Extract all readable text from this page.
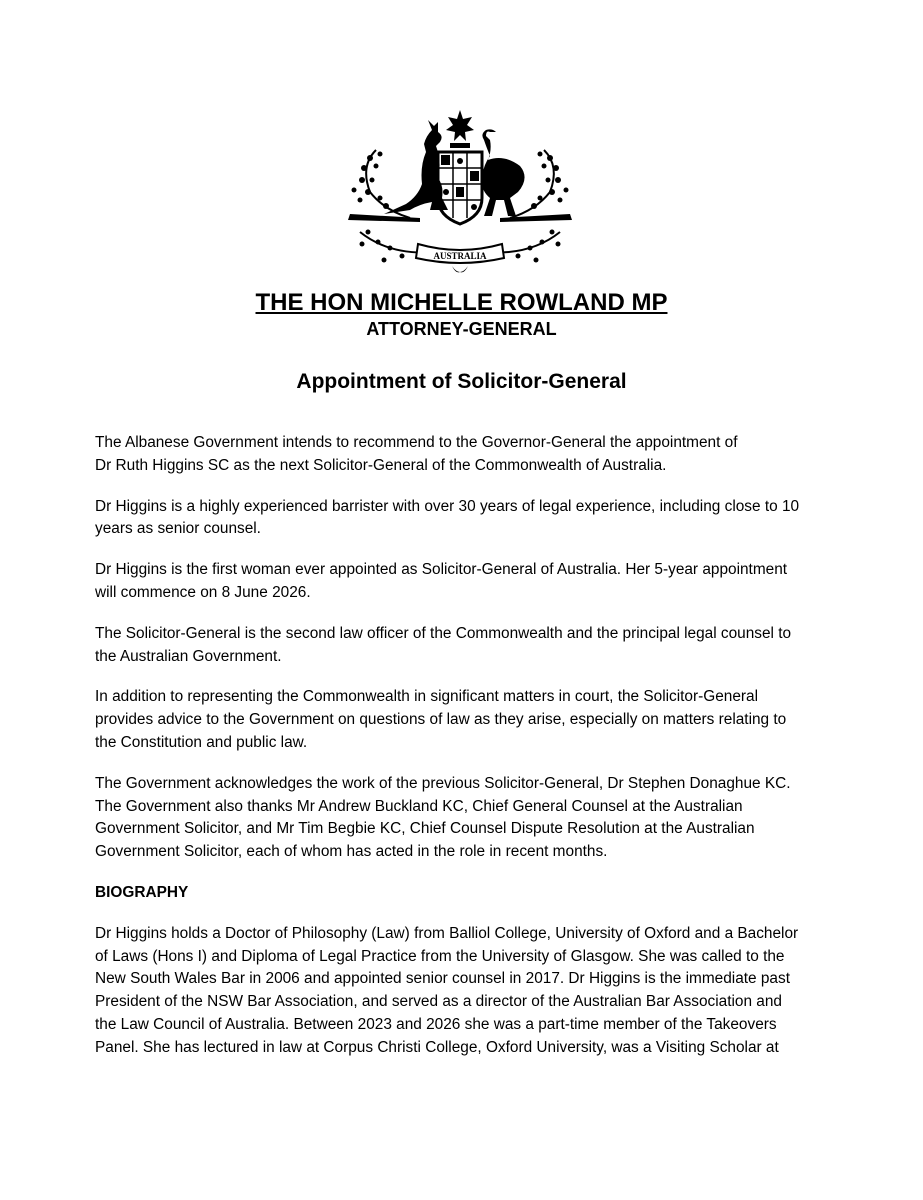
AUSTRALIA
THE HON MICHELLE ROWLAND MP
ATTORNEY-GENERAL
Appointment of Solicitor-General

The Albanese Government intends to recommend to the Governor-General the appointment of
Dr Ruth Higgins SC as the next Solicitor-General of the Commonwealth of Australia.

Dr Higgins is a highly experienced barrister with over 30 years of legal experience, including close to 10
years as senior counsel.

Dr Higgins is the first woman ever appointed as Solicitor-General of Australia. Her 5-year appointment
will commence on 8 June 2026.

The Solicitor-General is the second law officer of the Commonwealth and the principal legal counsel to
the Australian Government.

In addition to representing the Commonwealth in significant matters in court, the Solicitor-General
provides advice to the Government on questions of law as they arise, especially on matters relating to
the Constitution and public law.

The Government acknowledges the work of the previous Solicitor-General, Dr Stephen Donaghue KC.
The Government also thanks Mr Andrew Buckland KC, Chief General Counsel at the Australian
Government Solicitor, and Mr Tim Begbie KC, Chief Counsel Dispute Resolution at the Australian
Government Solicitor, each of whom has acted in the role in recent months.

BIOGRAPHY

Dr Higgins holds a Doctor of Philosophy (Law) from Balliol College, University of Oxford and a Bachelor
of Laws (Hons I) and Diploma of Legal Practice from the University of Glasgow. She was called to the
New South Wales Bar in 2006 and appointed senior counsel in 2017. Dr Higgins is the immediate past
President of the NSW Bar Association, and served as a director of the Australian Bar Association and
the Law Council of Australia. Between 2023 and 2026 she was a part-time member of the Takeovers
Panel. She has lectured in law at Corpus Christi College, Oxford University, was a Visiting Scholar at
